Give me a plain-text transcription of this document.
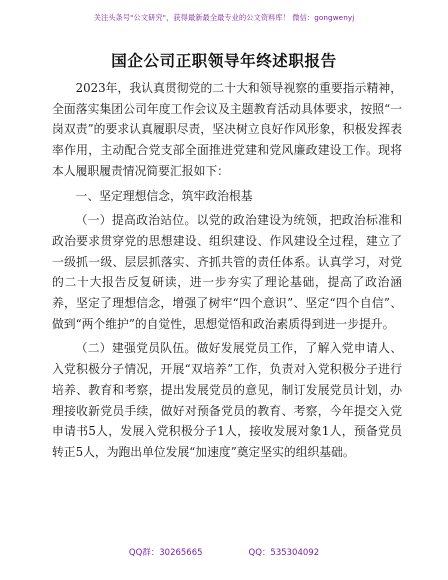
关注头条号"公文研究"，获得最新最全最专业的公文资料库！ 微信：gongwenyj
国企公司正职领导年终述职报告

2023年，我认真贯彻党的二十大和领导视察的重要指示精神，全面落实集团公司年度工作会议及主题教育活动具体要求，按照“一岗双责”的要求认真履职尽责，坚决树立良好作风形象，积极发挥表率作用，主动配合党支部全面推进党建和党风廉政建设工作。现将本人履职履责情况简要汇报如下：

一、坚定理想信念，筑牢政治根基

（一）提高政治站位。以党的政治建设为统领，把政治标准和政治要求贯穿党的思想建设、组织建设、作风建设全过程，建立了一级抓一级、层层抓落实、齐抓共管的责任体系。认真学习，对党的二十大报告反复研读，进一步夯实了理论基础，提高了政治涵养，坚定了理想信念，增强了树牢“四个意识”、坚定“四个自信”、做到“两个维护”的自觉性，思想觉悟和政治素质得到进一步提升。

（二）建强党员队伍。做好发展党员工作，了解入党申请人、入党积极分子情况，开展“双培养”工作，负责对入党积极分子进行培养、教育和考察，提出发展党员的意见，制订发展党员计划，办理接收新党员手续，做好对预备党员的教育、考察，今年提交入党申请书5人，发展入党积极分子1人，接收发展对象1人，预备党员转正5人，为跑出单位发展“加速度”奠定坚实的组织基础。

QQ群：30265665	QQ：535304092
